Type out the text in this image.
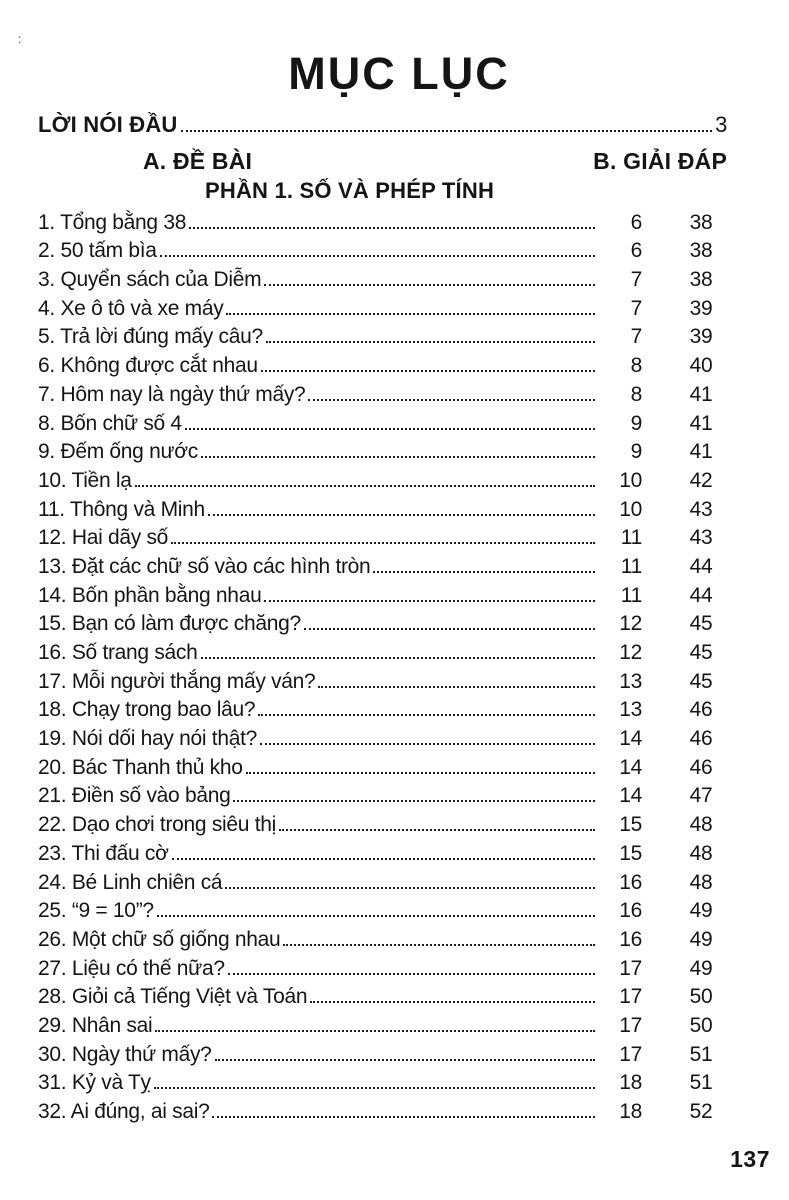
:
MỤC LỤC
LỜI NÓI ĐẦU	3
A. ĐỀ BÀI	B. GIẢI ĐÁP
PHẦN 1. SỐ VÀ PHÉP TÍNH
1. Tổng bằng 38	6	38
2. 50 tấm bìa	6	38
3. Quyển sách của Diễm	7	38
4. Xe ô tô và xe máy	7	39
5. Trả lời đúng mấy câu?	7	39
6. Không được cắt nhau	8	40
7. Hôm nay là ngày thứ mấy?	8	41
8. Bốn chữ số 4	9	41
9. Đếm ống nước	9	41
10. Tiền lạ	10	42
11. Thông và Minh	10	43
12. Hai dãy số	11	43
13. Đặt các chữ số vào các hình tròn	11	44
14. Bốn phần bằng nhau	11	44
15. Bạn có làm được chăng?	12	45
16. Số trang sách	12	45
17. Mỗi người thắng mấy ván?	13	45
18. Chạy trong bao lâu?	13	46
19. Nói dối hay nói thật?	14	46
20. Bác Thanh thủ kho	14	46
21. Điền số vào bảng	14	47
22. Dạo chơi trong siêu thị	15	48
23. Thi đấu cờ	15	48
24. Bé Linh chiên cá	16	48
25. “9 = 10”?	16	49
26. Một chữ số giống nhau	16	49
27. Liệu có thế nữa?	17	49
28. Giỏi cả Tiếng Việt và Toán	17	50
29. Nhân sai	17	50
30. Ngày thứ mấy?	17	51
31. Kỷ và Tỵ	18	51
32. Ai đúng, ai sai?	18	52
137
